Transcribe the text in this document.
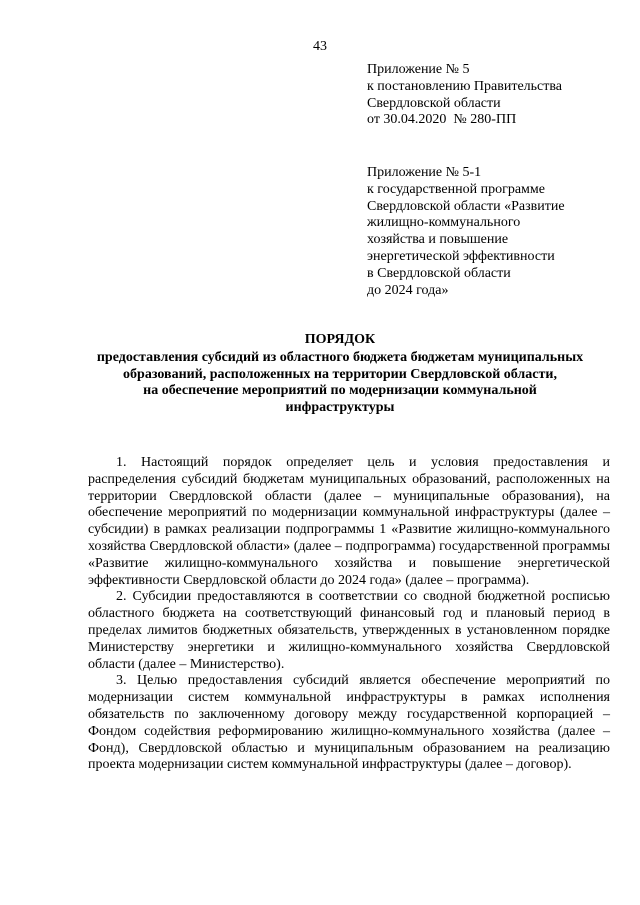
43
Приложение № 5
к постановлению Правительства
Свердловской области
от 30.04.2020  № 280-ПП
Приложение № 5-1
к государственной программе
Свердловской области «Развитие
жилищно-коммунального
хозяйства и повышение
энергетической эффективности
в Свердловской области
до 2024 года»
ПОРЯДОК
предоставления субсидий из областного бюджета бюджетам муниципальных
образований, расположенных на территории Свердловской области,
на обеспечение мероприятий по модернизации коммунальной
инфраструктуры

1. Настоящий порядок определяет цель и условия предоставления и распределения субсидий бюджетам муниципальных образований, расположенных на территории Свердловской области (далее – муниципальные образования), на обеспечение мероприятий по модернизации коммунальной инфраструктуры (далее – субсидии) в рамках реализации подпрограммы 1 «Развитие жилищно-коммунального хозяйства Свердловской области» (далее – подпрограмма) государственной программы «Развитие жилищно-коммунального хозяйства и повышение энергетической эффективности Свердловской области до 2024 года» (далее – программа).

2. Субсидии предоставляются в соответствии со сводной бюджетной росписью областного бюджета на соответствующий финансовый год и плановый период в пределах лимитов бюджетных обязательств, утвержденных в установленном порядке Министерству энергетики и жилищно-коммунального хозяйства Свердловской области (далее – Министерство).

3. Целью предоставления субсидий является обеспечение мероприятий по модернизации систем коммунальной инфраструктуры в рамках исполнения обязательств по заключенному договору между государственной корпорацией – Фондом содействия реформированию жилищно-коммунального хозяйства (далее – Фонд), Свердловской областью и муниципальным образованием на реализацию проекта модернизации систем коммунальной инфраструктуры (далее – договор).
